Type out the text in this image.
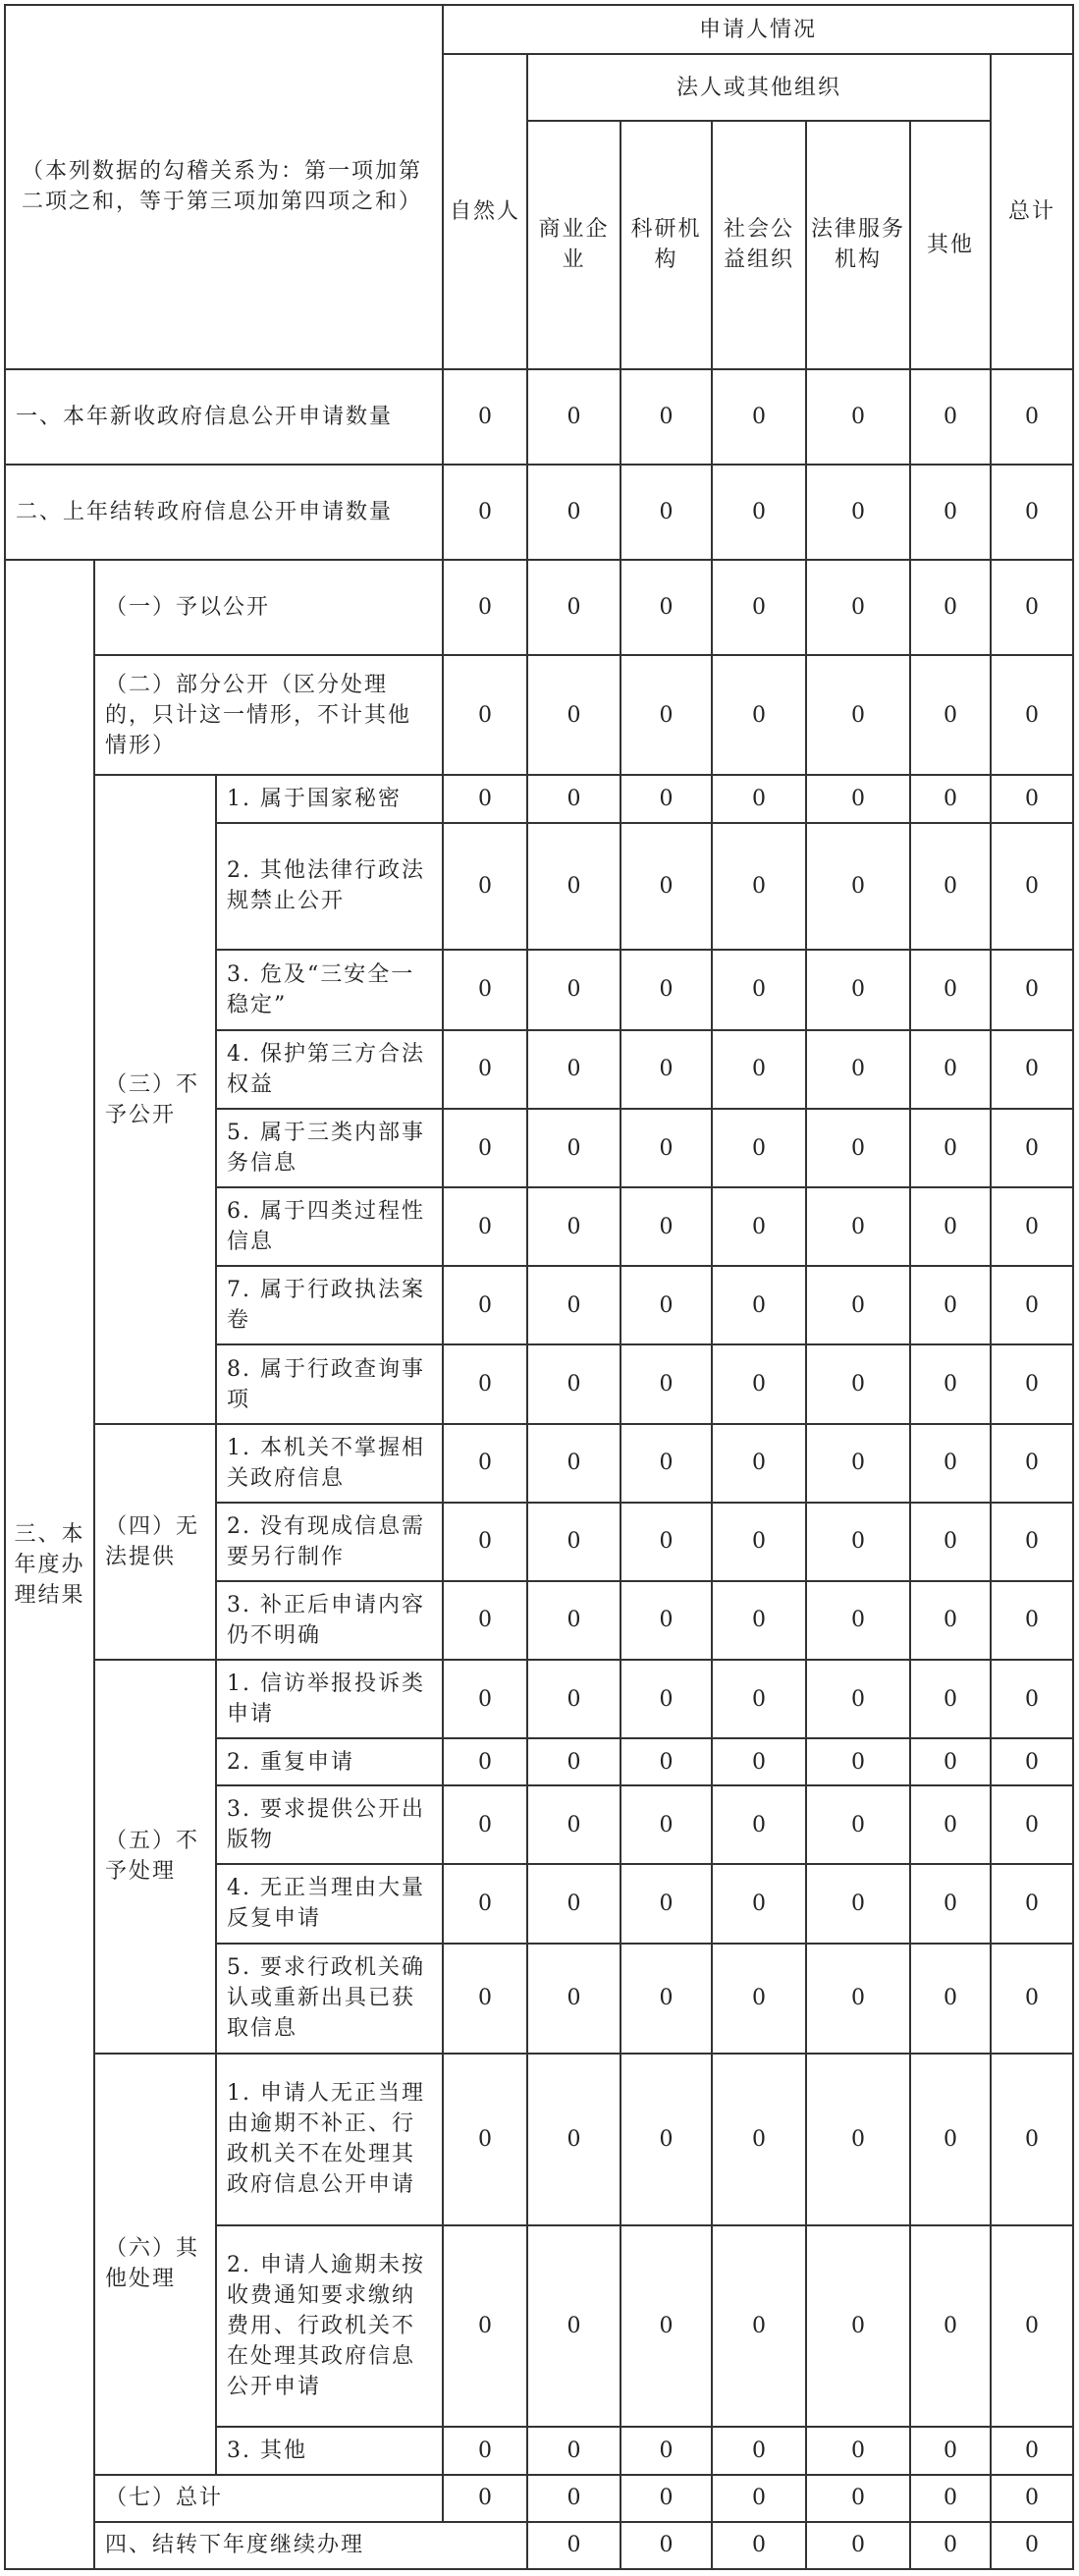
（本列数据的勾稽关系为：第一项加第二项之和，等于第三项加第四项之和）			申请人情况							
			自然人	法人或其他组织					总计	
				商业企业	科研机构	社会公益组织	法律服务机构	其他		
一、本年新收政府信息公开申请数量			0	0	0	0	0	0	0	
二、上年结转政府信息公开申请数量			0	0	0	0	0	0	0	
三、本年度办理结果	（一）予以公开		0	0	0	0	0	0	0	
	（二）部分公开（区分处理的，只计这一情形，不计其他情形）		0	0	0	0	0	0	0	
	（三）不予公开	1. 属于国家秘密	0	0	0	0	0	0	0	
		2. 其他法律行政法规禁止公开	0	0	0	0	0	0	0	
		3. 危及“三安全一稳定”	0	0	0	0	0	0	0	
		4. 保护第三方合法权益	0	0	0	0	0	0	0	
		5. 属于三类内部事务信息	0	0	0	0	0	0	0	
		6. 属于四类过程性信息	0	0	0	0	0	0	0	
		7. 属于行政执法案卷	0	0	0	0	0	0	0	
		8. 属于行政查询事项	0	0	0	0	0	0	0	
	（四）无法提供	1. 本机关不掌握相关政府信息	0	0	0	0	0	0	0	
		2. 没有现成信息需要另行制作	0	0	0	0	0	0	0	
		3. 补正后申请内容仍不明确	0	0	0	0	0	0	0	
	（五）不予处理	1. 信访举报投诉类申请	0	0	0	0	0	0	0	
		2. 重复申请	0	0	0	0	0	0	0	
		3. 要求提供公开出版物	0	0	0	0	0	0	0	
		4. 无正当理由大量反复申请	0	0	0	0	0	0	0	
		5. 要求行政机关确认或重新出具已获取信息	0	0	0	0	0	0	0	
	（六）其他处理	1. 申请人无正当理由逾期不补正、行政机关不在处理其政府信息公开申请	0	0	0	0	0	0	0	
		2. 申请人逾期未按收费通知要求缴纳费用、行政机关不在处理其政府信息公开申请	0	0	0	0	0	0	0	
		3. 其他	0	0	0	0	0	0	0	
	（七）总计		0	0	0	0	0	0	0	
	四、结转下年度继续办理			0	0	0	0	0	0	
